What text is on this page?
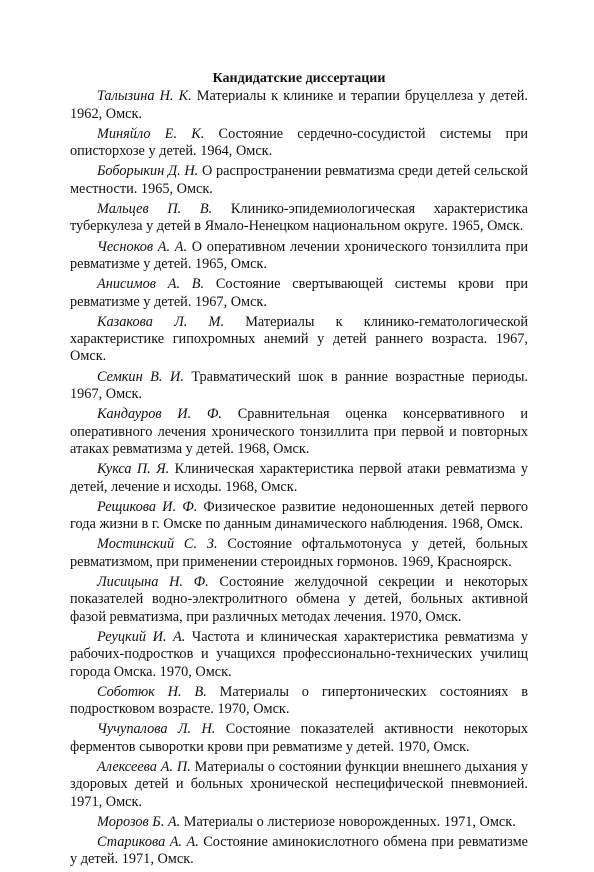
Кандидатские диссертации

Талызина Н. К. Материалы к клинике и терапии бруцеллеза у детей. 1962, Омск.

Миняйло Е. К. Состояние сердечно-сосудистой системы при описторхозе у детей. 1964, Омск.

Боборыкин Д. Н. О распространении ревматизма среди детей сельской местности. 1965, Омск.

Мальцев П. В. Клинико-эпидемиологическая характеристика туберкулеза у детей в Ямало-Ненецком национальном округе. 1965, Омск.

Чесноков А. А. О оперативном лечении хронического тонзиллита при ревматизме у детей. 1965, Омск.

Анисимов А. В. Состояние свертывающей системы крови при ревматизме у детей. 1967, Омск.

Казакова Л. М. Материалы к клинико-гематологической характеристике гипохромных анемий у детей раннего возраста. 1967, Омск.

Семкин В. И. Травматический шок в ранние возрастные периоды. 1967, Омск.

Кандауров И. Ф. Сравнительная оценка консервативного и оперативного лечения хронического тонзиллита при первой и повторных атаках ревматизма у детей. 1968, Омск.

Кукса П. Я. Клиническая характеристика первой атаки ревматизма у детей, лечение и исходы. 1968, Омск.

Рещикова И. Ф. Физическое развитие недоношенных детей первого года жизни в г. Омске по данным динамического наблюдения. 1968, Омск.

Мостинский С. З. Состояние офтальмотонуса у детей, больных ревматизмом, при применении стероидных гормонов. 1969, Красноярск.

Лисицына Н. Ф. Состояние желудочной секреции и некоторых показателей водно-электролитного обмена у детей, больных активной фазой ревматизма, при различных методах лечения. 1970, Омск.

Реуцкий И. А. Частота и клиническая характеристика ревматизма у рабочих-подростков и учащихся профессионально-технических училищ города Омска. 1970, Омск.

Соботюк Н. В. Материалы о гипертонических состояниях в подростковом возрасте. 1970, Омск.

Чучупалова Л. Н. Состояние показателей активности некоторых ферментов сыворотки крови при ревматизме у детей. 1970, Омск.

Алексеева А. П. Материалы о состоянии функции внешнего дыхания у здоровых детей и больных хронической неспецифической пневмонией. 1971, Омск.

Морозов Б. А. Материалы о листериозе новорожденных. 1971, Омск.

Старикова А. А. Состояние аминокислотного обмена при ревматизме у детей. 1971, Омск.
